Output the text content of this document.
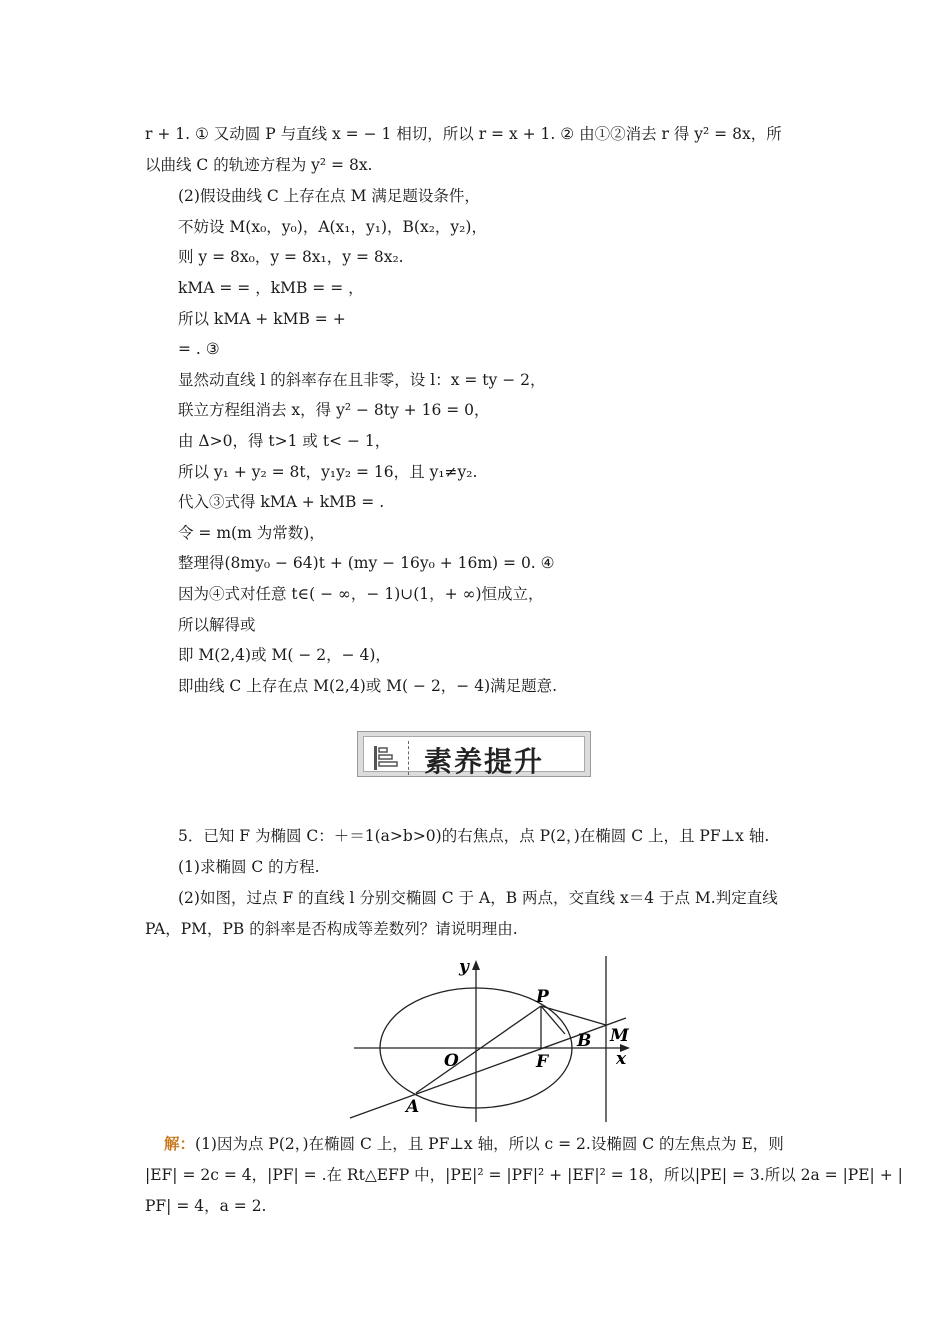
r + 1. ① 又动圆 P 与直线 x = − 1 相切，所以 r = x + 1. ② 由①②消去 r 得 y² = 8x，所
以曲线 C 的轨迹方程为 y² = 8x.
(2)假设曲线 C 上存在点 M 满足题设条件，
不妨设 M(x₀，y₀)，A(x₁，y₁)，B(x₂，y₂)，
则 y = 8x₀，y = 8x₁，y = 8x₂.
kMA = = ，kMB = = ，
所以 kMA + kMB = +
= . ③
显然动直线 l 的斜率存在且非零，设 l：x = ty − 2，
联立方程组消去 x，得 y² − 8ty + 16 = 0，
由 Δ>0，得 t>1 或 t< − 1，
所以 y₁ + y₂ = 8t，y₁y₂ = 16，且 y₁≠y₂.
代入③式得 kMA + kMB = .
令 = m(m 为常数)，
整理得(8my₀ − 64)t + (my − 16y₀ + 16m) = 0. ④
因为④式对任意 t∈( − ∞，− 1)∪(1，+ ∞)恒成立，
所以解得或
即 M(2,4)或 M( − 2，− 4)，
即曲线 C 上存在点 M(2,4)或 M( − 2，− 4)满足题意.
素养提升
5．已知 F 为椭圆 C：＋＝1(a>b>0)的右焦点，点 P(2，)在椭圆 C 上，且 PF⊥x 轴.
(1)求椭圆 C 的方程.
(2)如图，过点 F 的直线 l 分别交椭圆 C 于 A，B 两点，交直线 x＝4 于点 M.判定直线
PA，PM，PB 的斜率是否构成等差数列？请说明理由.
y
x
O
P
F
M
B
A
解：(1)因为点 P(2，)在椭圆 C 上，且 PF⊥x 轴，所以 c = 2.设椭圆 C 的左焦点为 E，则
|EF| = 2c = 4，|PF| = .在 Rt△EFP 中，|PE|² = |PF|² + |EF|² = 18，所以|PE| = 3.所以 2a = |PE| + |
PF| = 4，a = 2.
